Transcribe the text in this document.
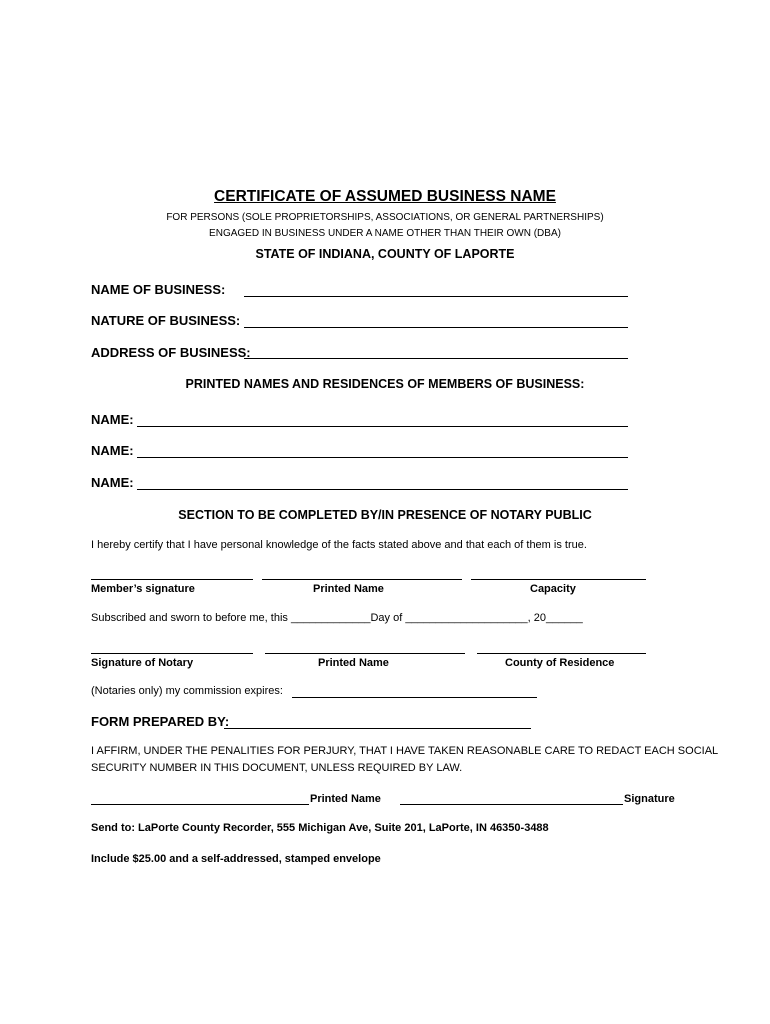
CERTIFICATE OF ASSUMED BUSINESS NAME
FOR PERSONS (SOLE PROPRIETORSHIPS, ASSOCIATIONS, OR GENERAL PARTNERSHIPS)
ENGAGED IN BUSINESS UNDER A NAME OTHER THAN THEIR OWN (DBA)
STATE OF INDIANA, COUNTY OF LAPORTE
NAME OF BUSINESS:
NATURE OF BUSINESS:
ADDRESS OF BUSINESS:
PRINTED NAMES AND RESIDENCES OF MEMBERS OF BUSINESS:
NAME:
NAME:
NAME:
SECTION TO BE COMPLETED BY/IN PRESENCE OF NOTARY PUBLIC
I hereby certify that I have personal knowledge of the facts stated above and that each of them is true.
Member’s signature	Printed Name	Capacity
Subscribed and sworn to before me, this _____________Day of ____________________, 20______
Signature of Notary	Printed Name	County of Residence
(Notaries only) my commission expires:
FORM PREPARED BY:
I AFFIRM, UNDER THE PENALITIES FOR PERJURY, THAT I HAVE TAKEN REASONABLE CARE TO REDACT EACH SOCIAL
SECURITY NUMBER IN THIS DOCUMENT, UNLESS REQUIRED BY LAW.
Printed Name	Signature
Send to: LaPorte County Recorder, 555 Michigan Ave, Suite 201, LaPorte, IN 46350-3488
Include $25.00 and a self-addressed, stamped envelope
